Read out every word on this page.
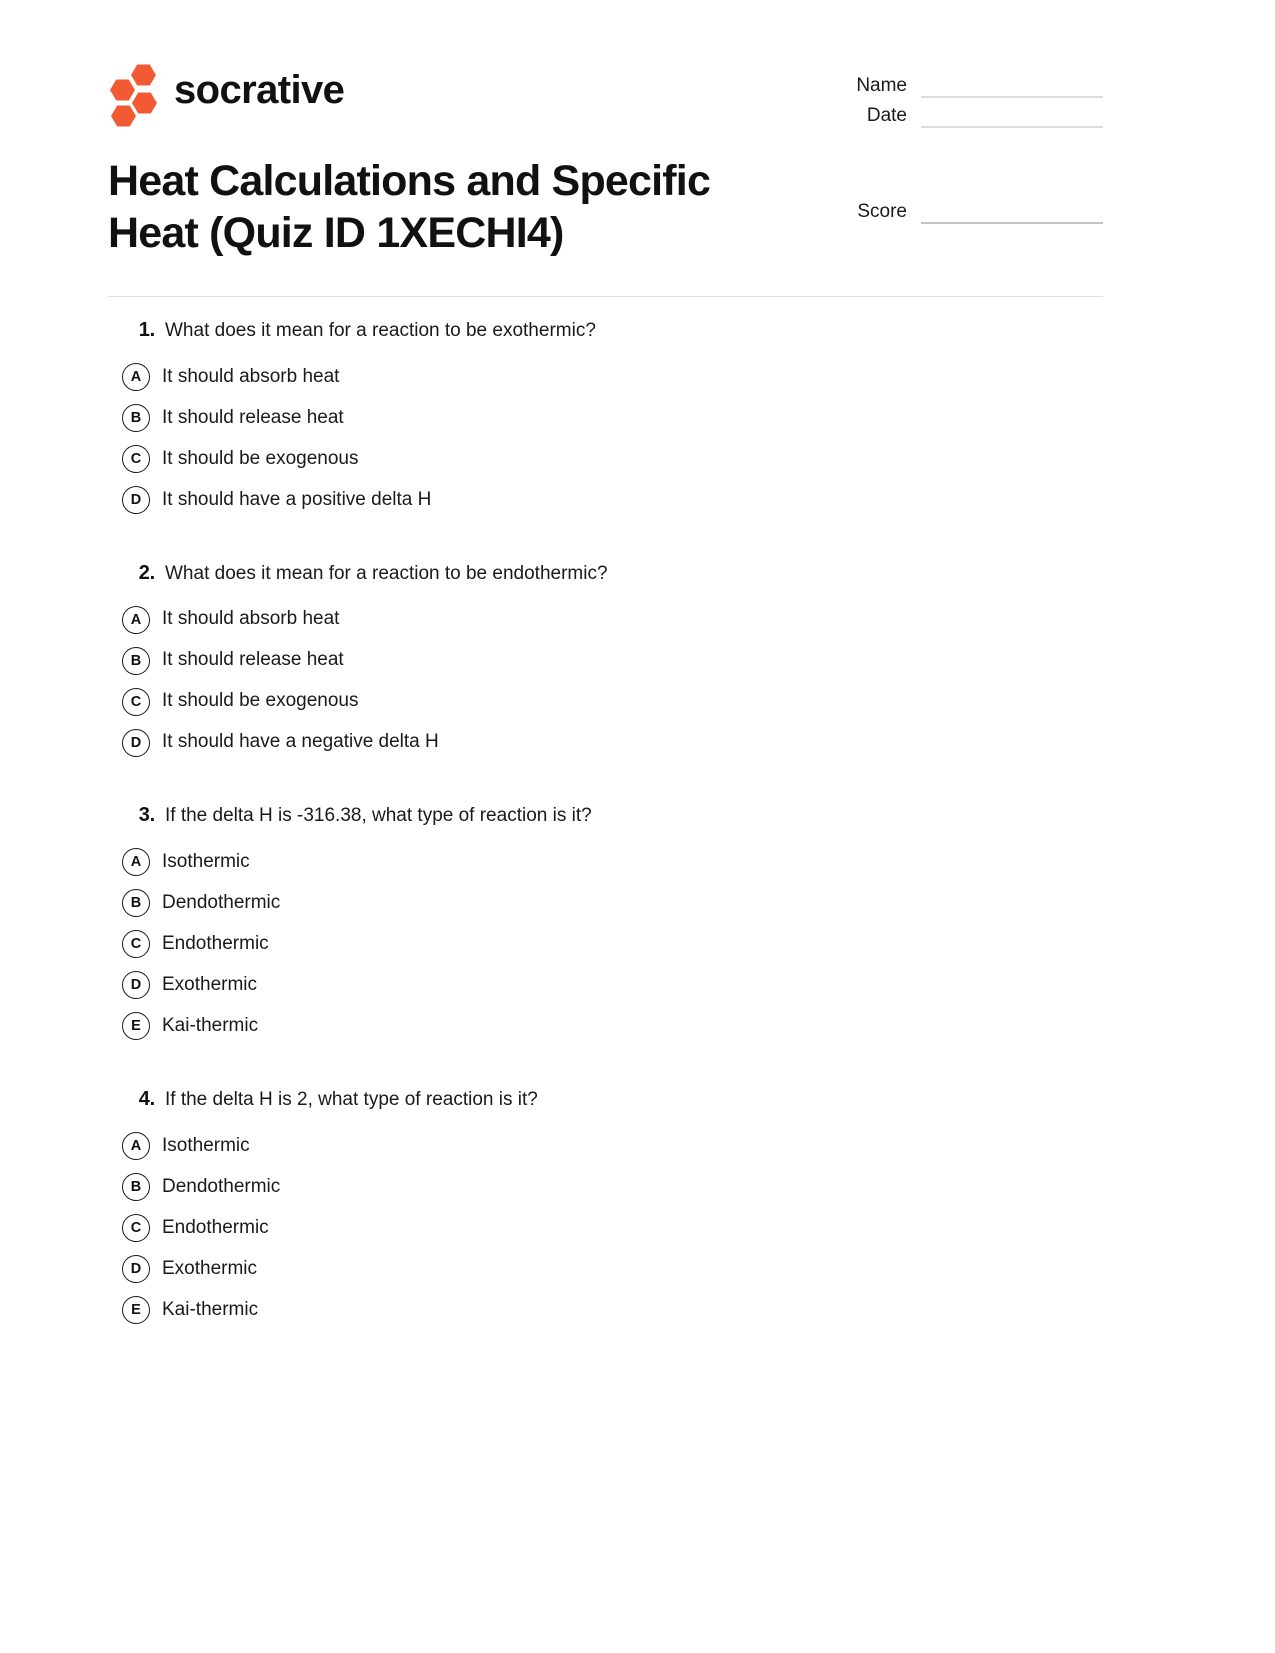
socrative	Name
Date
Score
Heat Calculations and Specific Heat (Quiz ID 1XECHI4)
1. What does it mean for a reaction to be exothermic?
A	It should absorb heat
B	It should release heat
C	It should be exogenous
D	It should have a positive delta H
2. What does it mean for a reaction to be endothermic?
A	It should absorb heat
B	It should release heat
C	It should be exogenous
D	It should have a negative delta H
3. If the delta H is -316.38, what type of reaction is it?
A	Isothermic
B	Dendothermic
C	Endothermic
D	Exothermic
E	Kai-thermic
4. If the delta H is 2, what type of reaction is it?
A	Isothermic
B	Dendothermic
C	Endothermic
D	Exothermic
E	Kai-thermic
